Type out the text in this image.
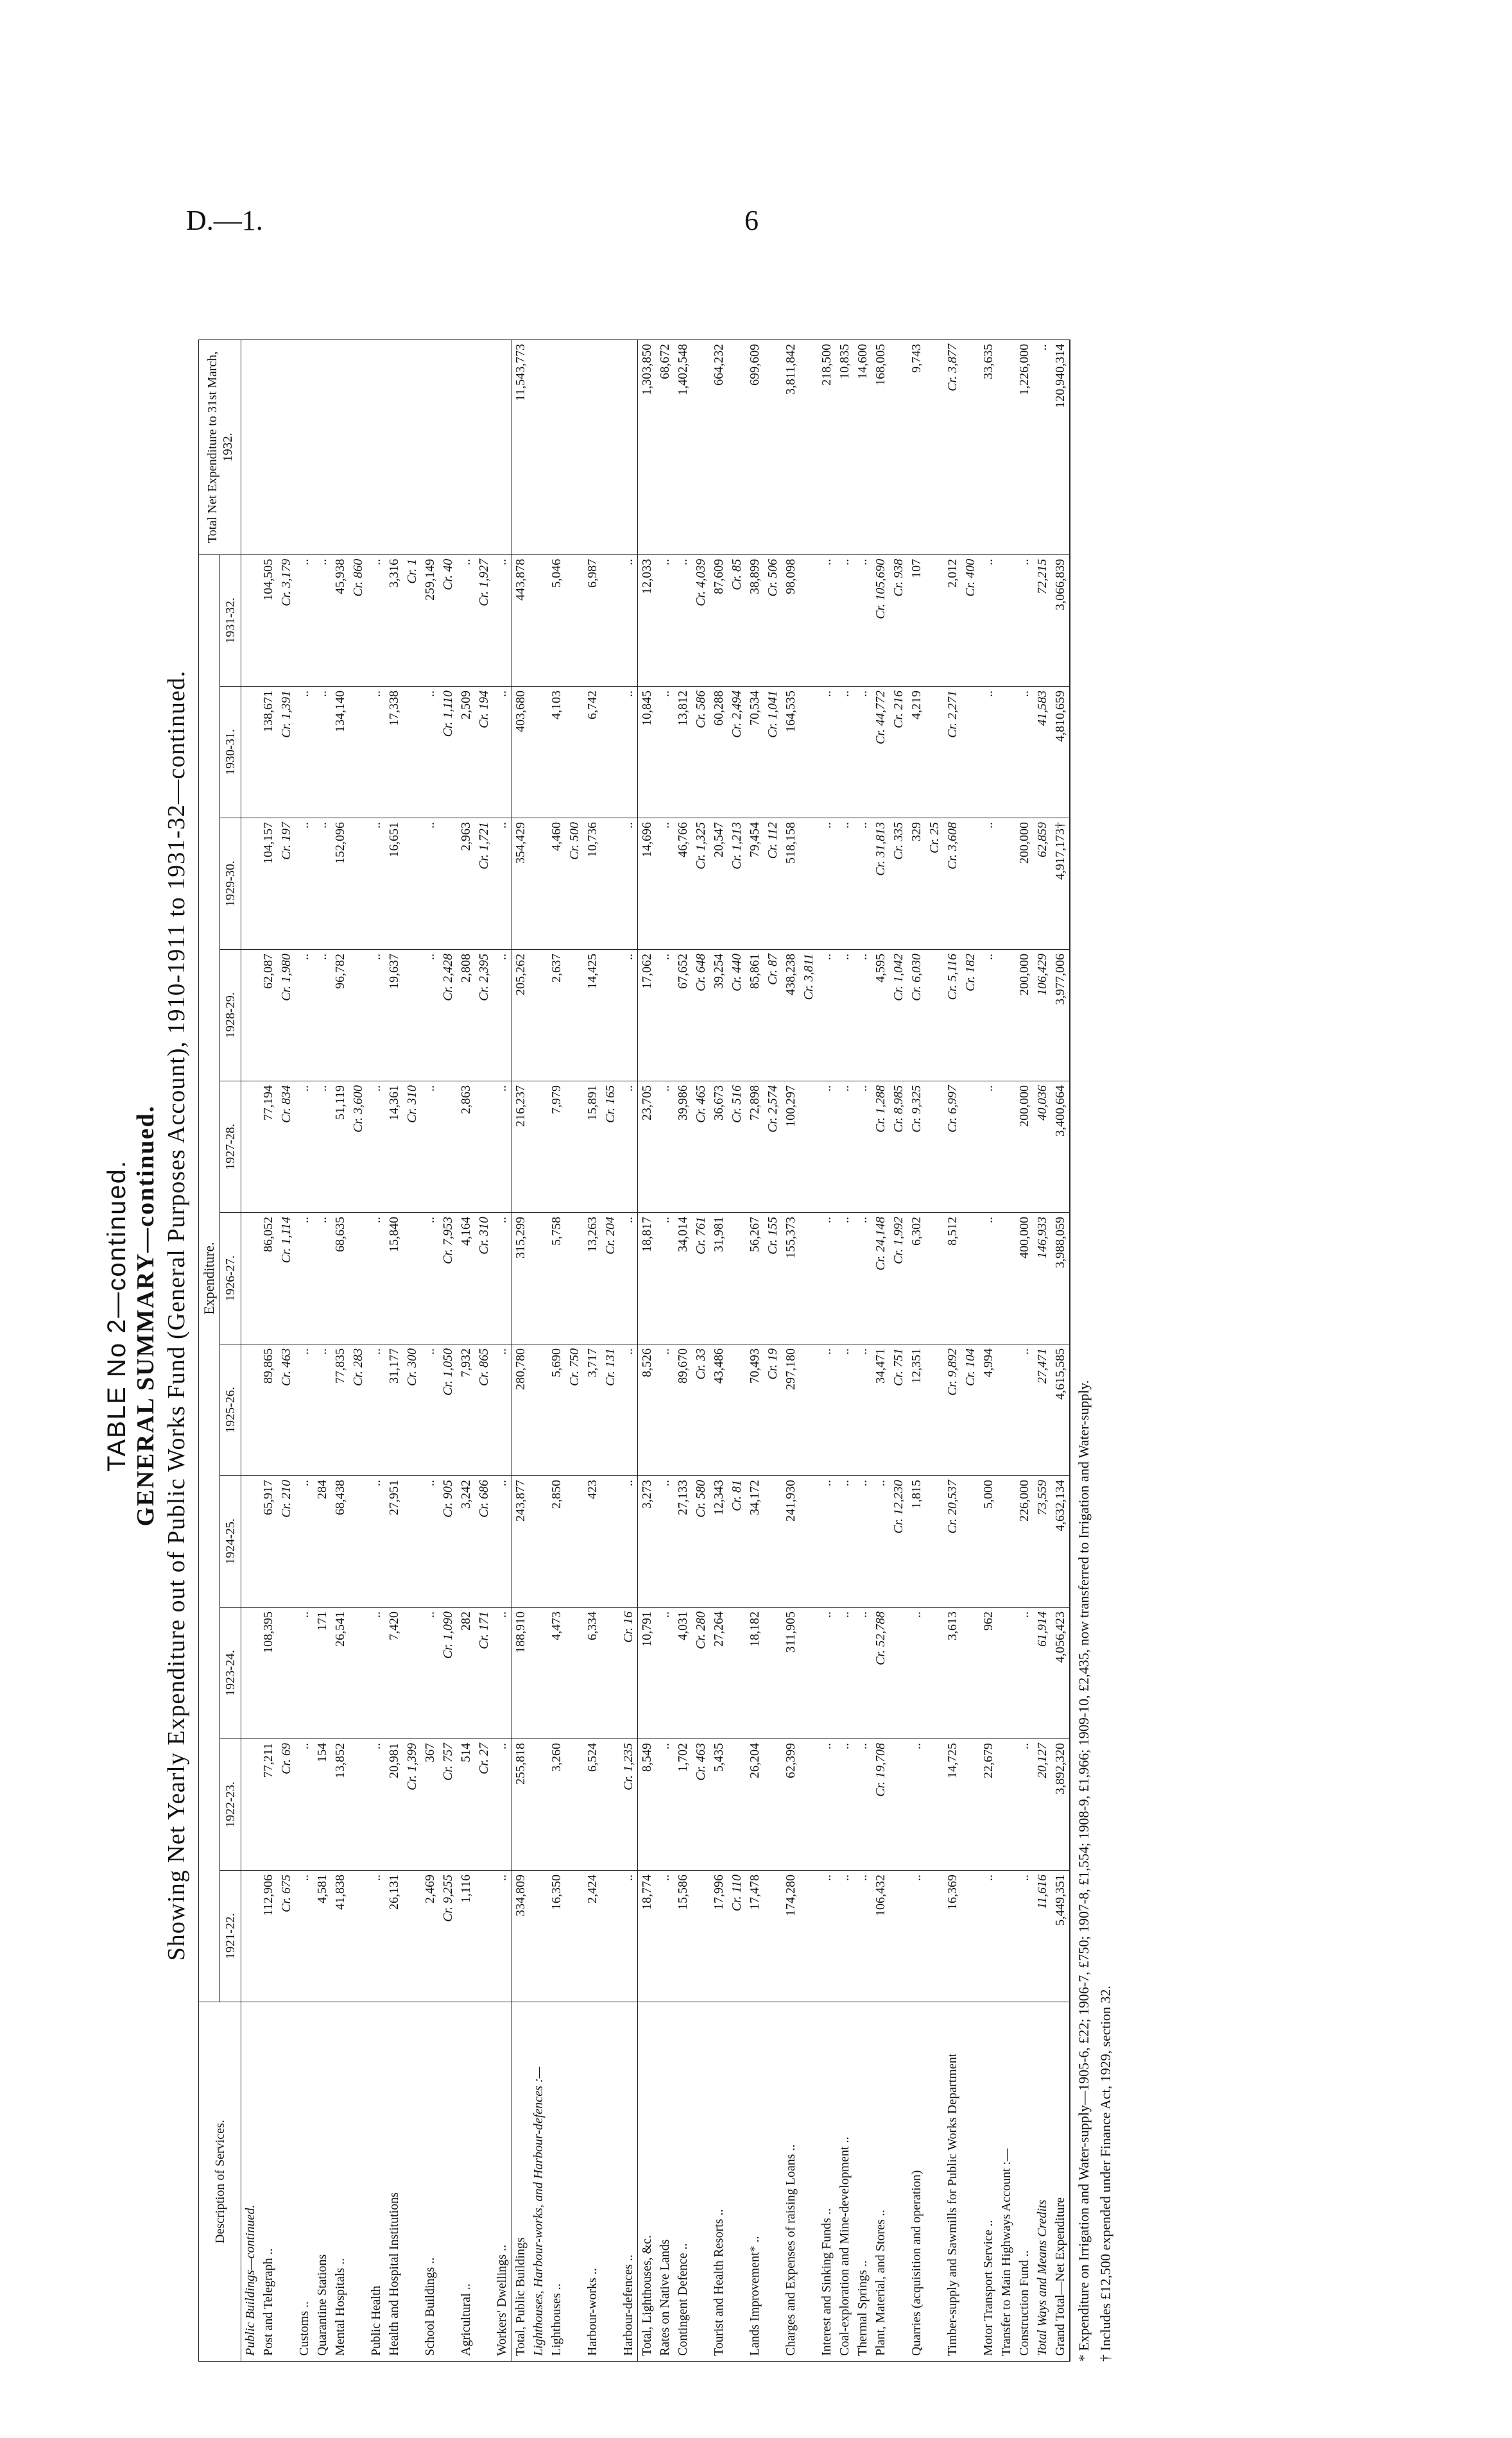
D.—1.	6
TABLE No 2—continued. GENERAL SUMMARY—continued. Showing Net Yearly Expenditure out of Public Works Fund (General Purposes Account), 1910-1911 to 1931-32—continued.
Description of Services.	Expenditure.											Total Net Expenditure to 31st March, 1932.
	1921-22.	1922-23.	1923-24.	1924-25.	1925-26.	1926-27.	1927-28.	1928-29.	1929-30.	1930-31.	1931-32.	
Public Buildings—continued.												
Post and Telegraph ..	112,906	77,211	108,395	65,917	89,865	86,052	77,194	62,087	104,157	138,671	104,505	
	Cr. 675	Cr. 69		Cr. 210	Cr. 463	Cr. 1,114	Cr. 834	Cr. 1,980	Cr. 197	Cr. 1,391	Cr. 3,179	
Customs ..	..	..	..	..	..	..	..	..	..	..	..	
Quarantine Stations	4,581	154	171	284	..	..	..	..	..	..	..	
Mental Hospitals ..	41,838	13,852	26,541	68,438	77,835	68,635	51,119	96,782	152,096	134,140	45,938	
					Cr. 283		Cr. 3,600				Cr. 860	
Public Health	..	..	..	..	..	..	..	..	..	..	..	
Health and Hospital Institutions	26,131	20,981	7,420	27,951	31,177	15,840	14,361	19,637	16,651	17,338	3,316	
		Cr. 1,399			Cr. 300		Cr. 310				Cr. 1	
School Buildings ..	2,469	367	..	..	..	..	..	..	..	..	259,149	
	Cr. 9,255	Cr. 757	Cr. 1,090	Cr. 905	Cr. 1,050	Cr. 7,953		Cr. 2,428		Cr. 1,110	Cr. 40	
Agricultural ..	1,116	514	282	3,242	7,932	4,164	2,863	2,808	2,963	2,509	..	
		Cr. 27	Cr. 171	Cr. 686	Cr. 865	Cr. 310		Cr. 2,395	Cr. 1,721	Cr. 194	Cr. 1,927	
Workers' Dwellings ..	..	..	..	..	..	..	..	..	..	..	..	
Total, Public Buildings	334,809	255,818	188,910	243,877	280,780	315,299	216,237	205,262	354,429	403,680	443,878	11,543,773
Lighthouses, Harbour-works, and Harbour-defences :—												
Lighthouses ..	16,350	3,260	4,473	2,850	5,690	5,758	7,979	2,637	4,460	4,103	5,046	
					Cr. 750				Cr. 500			
Harbour-works ..	2,424	6,524	6,334	423	3,717	13,263	15,891	14,425	10,736	6,742	6,987	
					Cr. 131	Cr. 204	Cr. 165					
Harbour-defences ..	..	Cr. 1,235	Cr. 16	..	..	..	..	..	..	..	..	
Total, Lighthouses, &c.	18,774	8,549	10,791	3,273	8,526	18,817	23,705	17,062	14,696	10,845	12,033	1,303,850
Rates on Native Lands	..	..	..	..	..	..	..	..	..	..	..	68,672
Contingent Defence ..	15,586	1,702	4,031	27,133	89,670	34,014	39,986	67,652	46,766	13,812	..	1,402,548
		Cr. 463	Cr. 280	Cr. 580	Cr. 33	Cr. 761	Cr. 465	Cr. 648	Cr. 1,325	Cr. 586	Cr. 4,039	
Tourist and Health Resorts ..	17,996	5,435	27,264	12,343	43,486	31,981	36,673	39,254	20,547	60,288	87,609	664,232
	Cr. 110			Cr. 81			Cr. 516	Cr. 440	Cr. 1,213	Cr. 2,494	Cr. 85	
Lands Improvement* ..	17,478	26,204	18,182	34,172	70,493	56,267	72,898	85,861	79,454	70,534	38,899	699,609
					Cr. 19	Cr. 155	Cr. 2,574	Cr. 87	Cr. 112	Cr. 1,041	Cr. 506	
Charges and Expenses of raising Loans ..	174,280	62,399	311,905	241,930	297,180	155,373	100,297	438,238	518,158	164,535	98,098	3,811,842
								Cr. 3,811				
Interest and Sinking Funds ..	..	..	..	..	..	..	..	..	..	..	..	218,500
Coal-exploration and Mine-development ..	..	..	..	..	..	..	..	..	..	..	..	10,835
Thermal Springs ..	..	..	..	..	..	..	..	..	..	..	..	14,600
Plant, Material, and Stores ..	106,432	Cr. 19,708	Cr. 52,788	..	34,471	Cr. 24,148	Cr. 1,288	4,595	Cr. 31,813	Cr. 44,772	Cr. 105,690	168,005
				Cr. 12,230	Cr. 751	Cr. 1,992	Cr. 8,985	Cr. 1,042	Cr. 335	Cr. 216	Cr. 938	
Quarries (acquisition and operation)	..	..	..	1,815	12,351	6,302	Cr. 9,325	Cr. 6,030	329	4,219	107	9,743
									Cr. 25			
Timber-supply and Sawmills for Public Works Department	16,369	14,725	3,613	Cr. 20,537	Cr. 9,892	8,512	Cr. 6,997	Cr. 5,116	Cr. 3,608	Cr. 2,271	2,012	Cr. 3,877
					Cr. 104			Cr. 182			Cr. 400	
Motor Transport Service ..	..	22,679	962	5,000	4,994	..	..	..	..	..	..	33,635
Transfer to Main Highways Account :—												
Construction Fund ..	..	..	..	226,000	..	400,000	200,000	200,000	200,000	..	..	1,226,000
Total Ways and Means Credits	11,616	20,127	61,914	73,559	27,471	146,933	40,036	106,429	62,859	41,583	72,215	..
Grand Total—Net Expenditure	5,449,351	3,892,320	4,056,423	4,632,134	4,615,585	3,988,059	3,400,664	3,977,006	4,917,173†	4,810,659	3,066,839	120,940,314
* Expenditure on Irrigation and Water-supply—1905-6, £22; 1906-7, £750; 1907-8, £1,554; 1908-9, £1,966; 1909-10, £2,435, now transferred to Irrigation and Water-supply. † Includes £12,500 expended under Finance Act, 1929, section 32.
